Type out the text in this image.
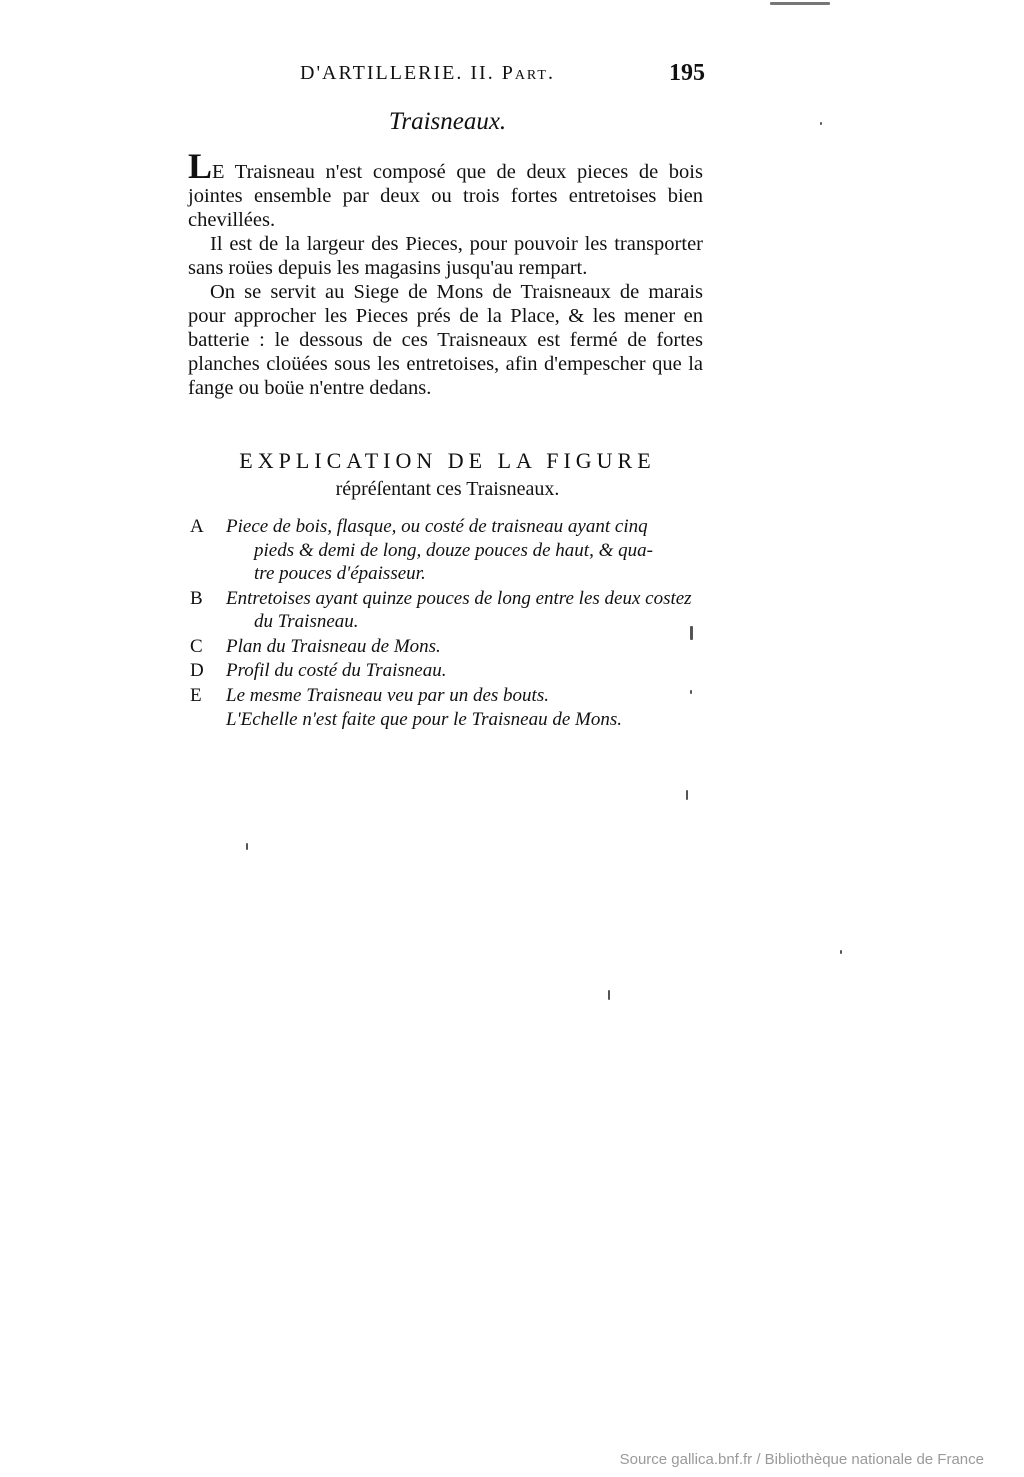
D'ARTILLERIE. II. Part.	195
Traisneaux.

LE Traisneau n'est composé que de deux pieces de bois jointes ensemble par deux ou trois fortes entretoises bien chevillées.

Il est de la largeur des Pieces, pour pouvoir les transporter sans roües depuis les magasins jusqu'au rempart.

On se servit au Siege de Mons de Traisneaux de marais pour approcher les Pieces prés de la Place, & les mener en batterie : le dessous de ces Traisneaux est fermé de fortes planches cloüées sous les entretoises, afin d'empescher que la fange ou boüe n'entre dedans.

EXPLICATION DE LA FIGURE
répréſentant ces Traisneaux.
A	Piece de bois, flasque, ou costé de traisneau ayant cinq
pieds & demi de long, douze pouces de haut, & qua-
tre pouces d'épaisseur.
B	Entretoises ayant quinze pouces de long entre les deux costez
du Traisneau.
C	Plan du Traisneau de Mons.
D	Profil du costé du Traisneau.
E	Le mesme Traisneau veu par un des bouts.
L'Echelle n'est faite que pour le Traisneau de Mons.
Source gallica.bnf.fr / Bibliothèque nationale de France
